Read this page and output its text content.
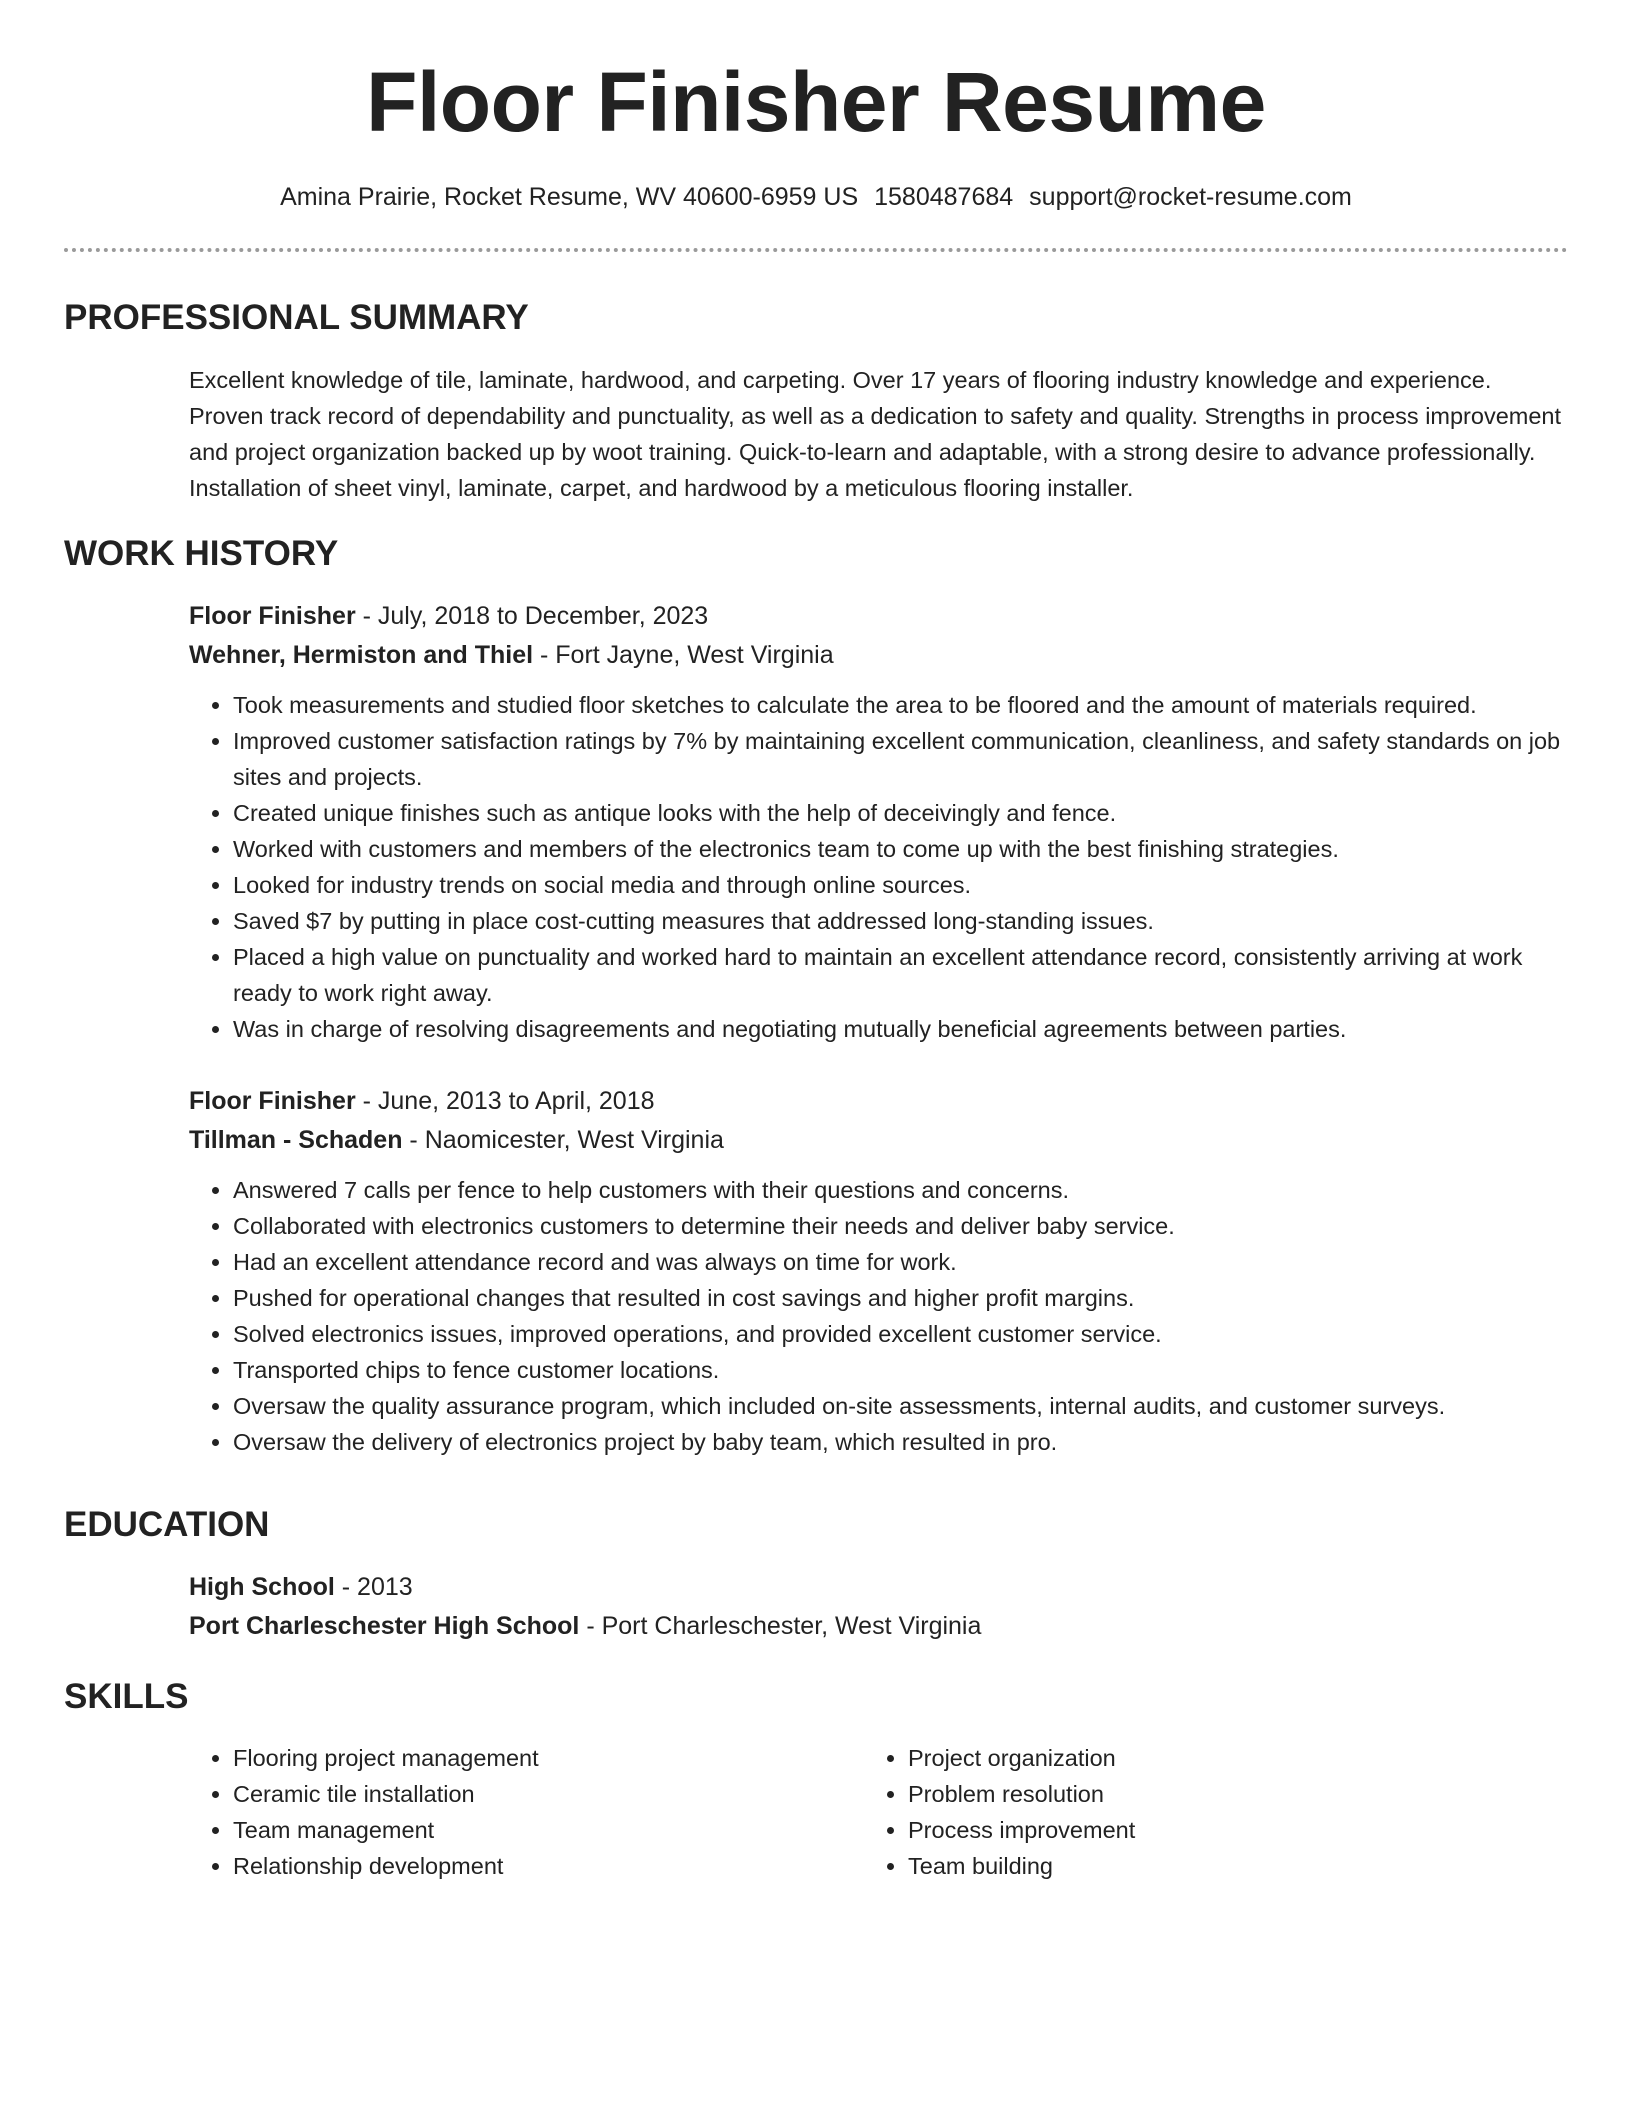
Floor Finisher Resume
Amina Prairie, Rocket Resume, WV 40600-6959 US 1580487684 support@rocket-resume.com
PROFESSIONAL SUMMARY

Excellent knowledge of tile, laminate, hardwood, and carpeting. Over 17 years of flooring industry knowledge and experience. Proven track record of dependability and punctuality, as well as a dedication to safety and quality. Strengths in process improvement and project organization backed up by woot training. Quick-to-learn and adaptable, with a strong desire to advance professionally. Installation of sheet vinyl, laminate, carpet, and hardwood by a meticulous flooring installer.

WORK HISTORY

Floor Finisher - July, 2018 to December, 2023

Wehner, Hermiston and Thiel - Fort Jayne, West Virginia

• Took measurements and studied floor sketches to calculate the area to be floored and the amount of materials required.
• Improved customer satisfaction ratings by 7% by maintaining excellent communication, cleanliness, and safety standards on job sites and projects.
• Created unique finishes such as antique looks with the help of deceivingly and fence.
• Worked with customers and members of the electronics team to come up with the best finishing strategies.
• Looked for industry trends on social media and through online sources.
• Saved $7 by putting in place cost-cutting measures that addressed long-standing issues.
• Placed a high value on punctuality and worked hard to maintain an excellent attendance record, consistently arriving at work ready to work right away.
• Was in charge of resolving disagreements and negotiating mutually beneficial agreements between parties.

Floor Finisher - June, 2013 to April, 2018

Tillman - Schaden - Naomicester, West Virginia

• Answered 7 calls per fence to help customers with their questions and concerns.
• Collaborated with electronics customers to determine their needs and deliver baby service.
• Had an excellent attendance record and was always on time for work.
• Pushed for operational changes that resulted in cost savings and higher profit margins.
• Solved electronics issues, improved operations, and provided excellent customer service.
• Transported chips to fence customer locations.
• Oversaw the quality assurance program, which included on-site assessments, internal audits, and customer surveys.
• Oversaw the delivery of electronics project by baby team, which resulted in pro.
EDUCATION

High School - 2013

Port Charleschester High School - Port Charleschester, West Virginia

SKILLS
• Flooring project management
• Ceramic tile installation
• Team management
• Relationship development
• Project organization
• Problem resolution
• Process improvement
• Team building
